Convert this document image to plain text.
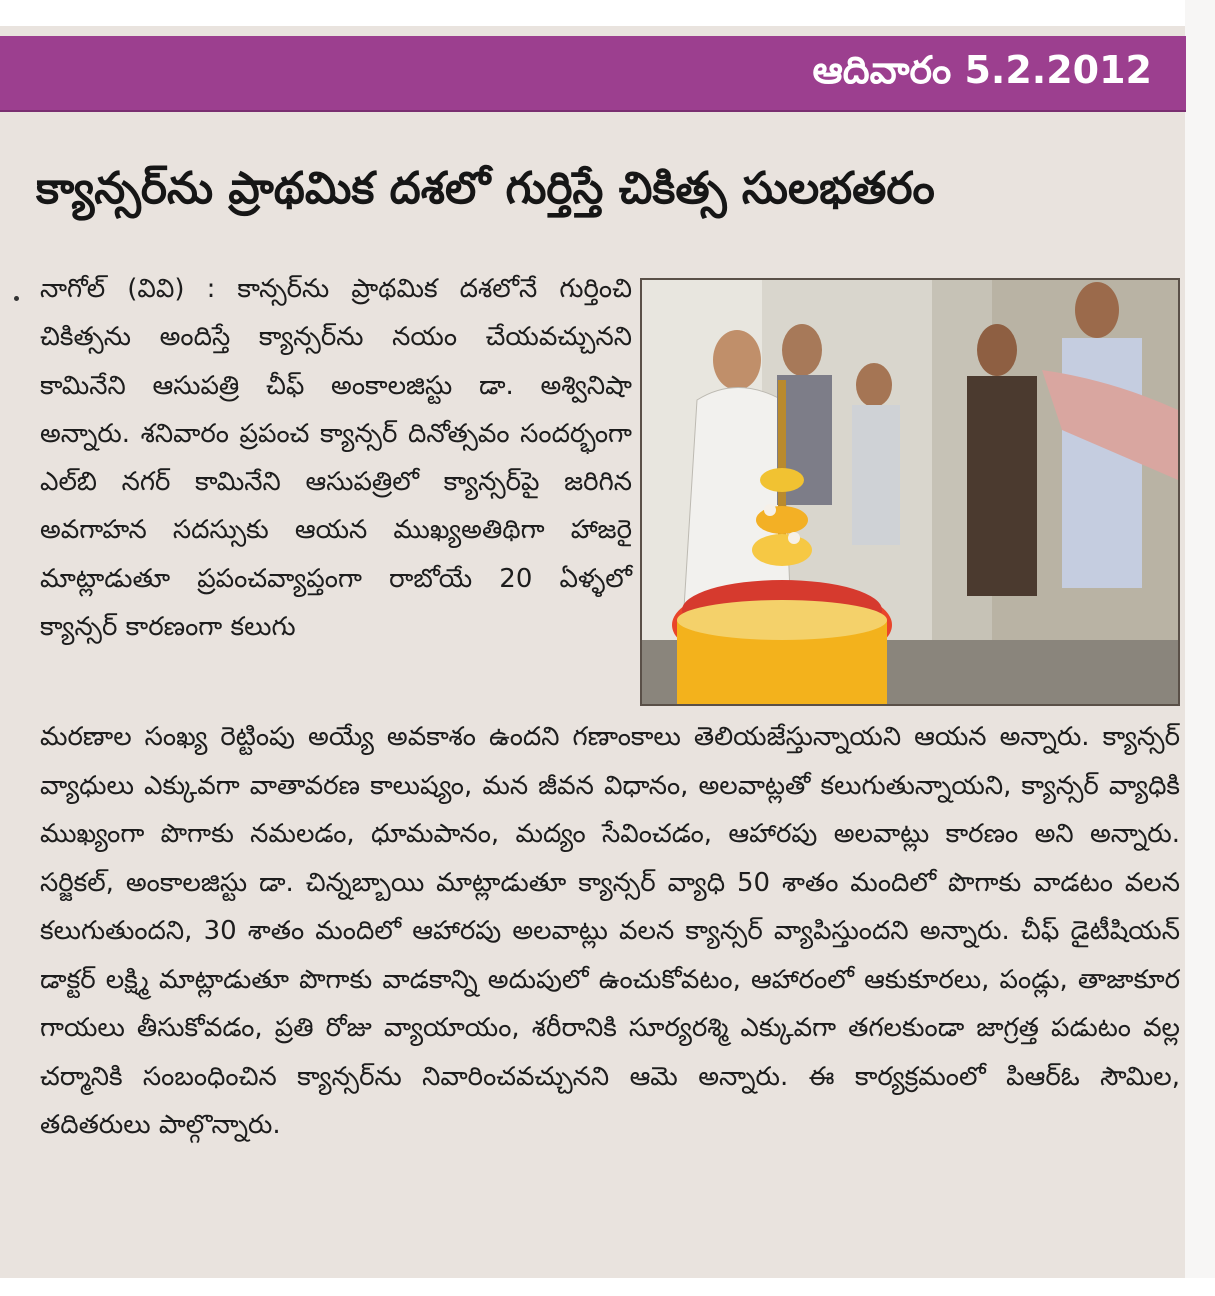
ఆదివారం 5.2.2012
క్యాన్సర్‌ను ప్రాథమిక దశలో గుర్తిస్తే చికిత్స సులభతరం

నాగోల్ (వివి) : కాన్సర్‌ను ప్రాథమిక దశలోనే గుర్తించి చికిత్సను అందిస్తే క్యాన్సర్‌ను నయం చేయవచ్చునని కామినేని ఆసుపత్రి చీఫ్ అంకాలజిస్టు డా. అశ్వినిషా అన్నారు. శనివారం ప్రపంచ క్యాన్సర్ దినోత్సవం సందర్భంగా ఎల్‌బి నగర్ కామినేని ఆసుపత్రిలో క్యాన్సర్‌పై జరిగిన అవగాహన సదస్సుకు ఆయన ముఖ్యఅతిథిగా హాజరై మాట్లాడుతూ ప్రపంచవ్యాప్తంగా రాబోయే 20 ఏళ్ళలో క్యాన్సర్ కారణంగా కలుగు

మరణాల సంఖ్య రెట్టింపు అయ్యే అవకాశం ఉందని గణాంకాలు తెలియజేస్తున్నాయని ఆయన అన్నారు. క్యాన్సర్ వ్యాధులు ఎక్కువగా వాతావరణ కాలుష్యం, మన జీవన విధానం, అలవాట్లతో కలుగుతున్నాయని, క్యాన్సర్ వ్యాధికి ముఖ్యంగా పొగాకు నమలడం, ధూమపానం, మద్యం సేవించడం, ఆహారపు అలవాట్లు కారణం అని అన్నారు. సర్జికల్, అంకాలజిస్టు డా. చిన్నబ్బాయి మాట్లాడుతూ క్యాన్సర్ వ్యాధి 50 శాతం మందిలో పొగాకు వాడటం వలన కలుగుతుందని, 30 శాతం మందిలో ఆహారపు అలవాట్లు వలన క్యాన్సర్ వ్యాపిస్తుందని అన్నారు. చీఫ్ డైటీషియన్ డాక్టర్ లక్ష్మి మాట్లాడుతూ పొగాకు వాడకాన్ని అదుపులో ఉంచుకోవటం, ఆహారంలో ఆకుకూరలు, పండ్లు, తాజాకూర గాయలు తీసుకోవడం, ప్రతి రోజు వ్యాయాయం, శరీరానికి సూర్యరశ్మి ఎక్కువగా తగలకుండా జాగ్రత్త పడుటం వల్ల చర్మానికి సంబంధించిన క్యాన్సర్‌ను నివారించవచ్చునని ఆమె అన్నారు. ఈ కార్యక్రమంలో పిఆర్‌ఓ సౌమిల, తదితరులు పాల్గొన్నారు.
